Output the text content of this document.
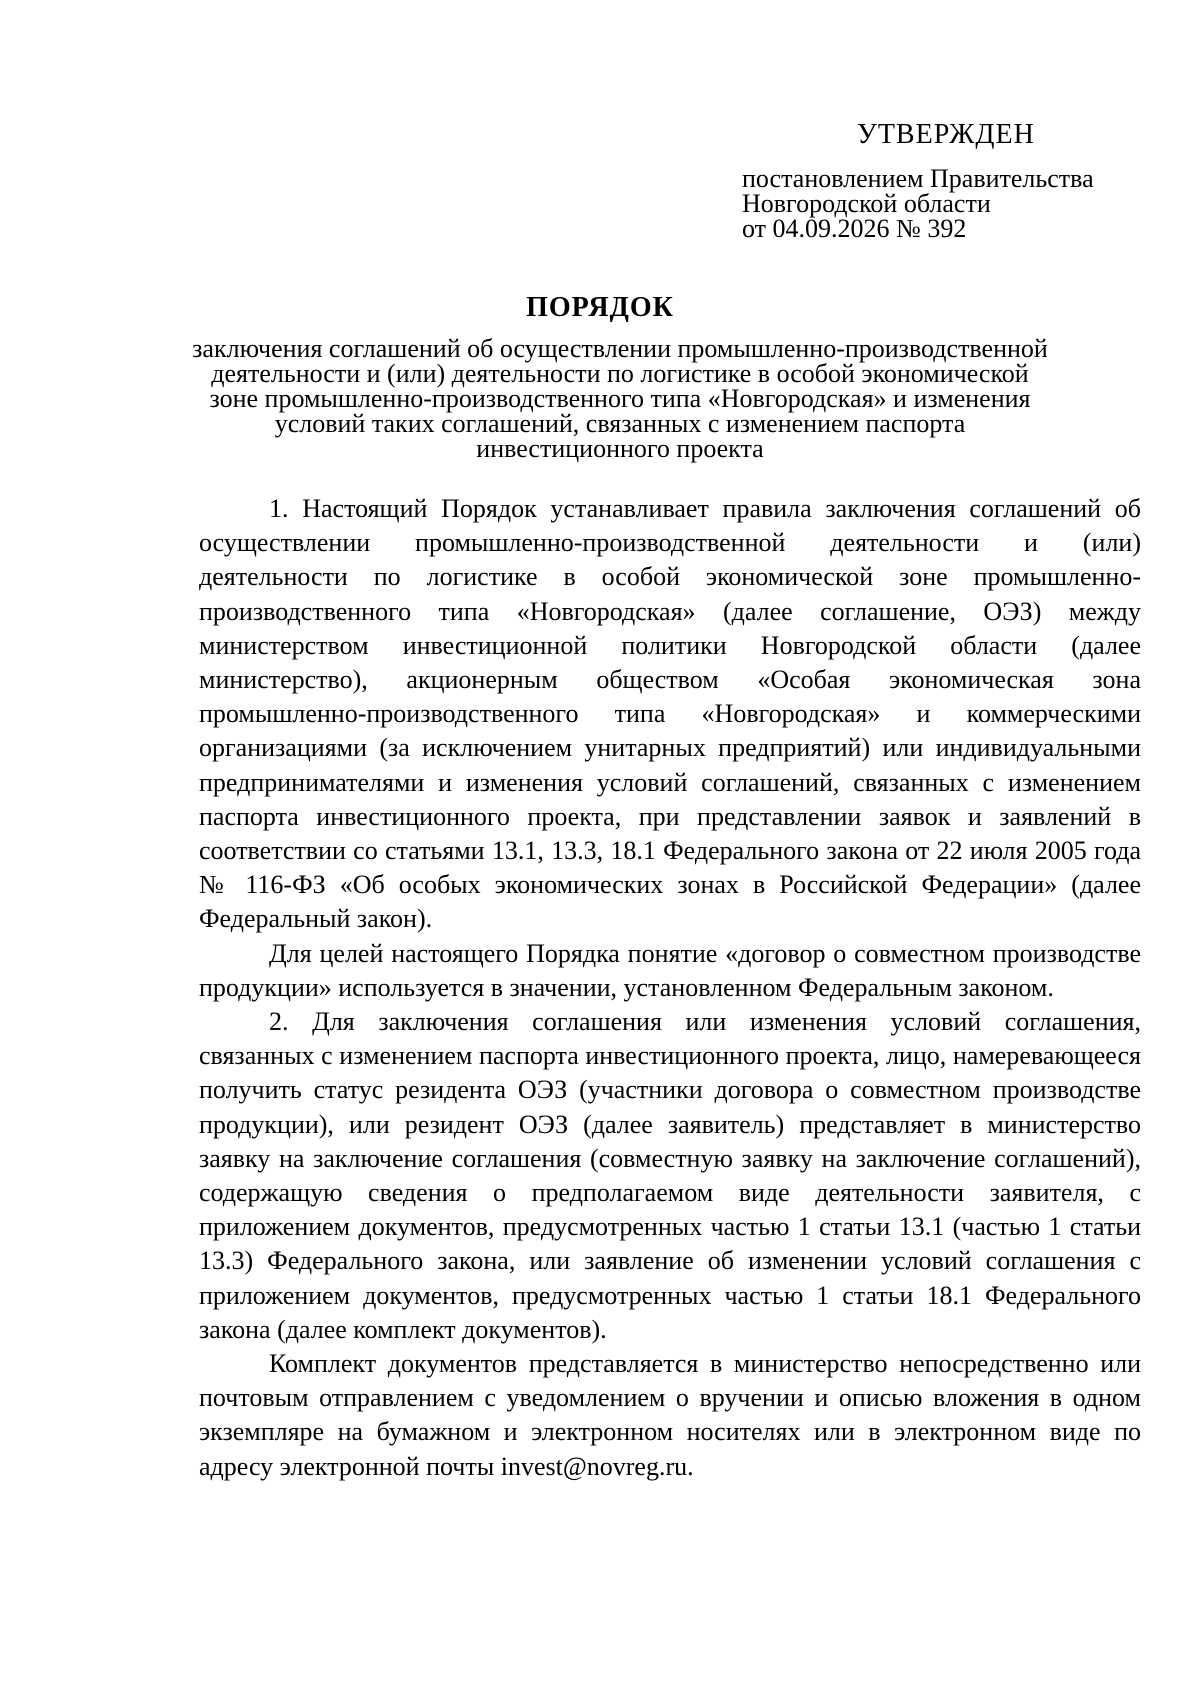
УТВЕРЖДЕН
постановлением Правительства
Новгородской области
от 04.09.2026 № 392
ПОРЯДОК
заключения соглашений об осуществлении промышленно-производственной
деятельности и (или) деятельности по логистике в особой экономической
зоне промышленно-производственного типа «Новгородская» и изменения
условий таких соглашений, связанных с изменением паспорта
инвестиционного проекта

1. Настоящий Порядок устанавливает правила заключения соглашений об осуществлении промышленно-производственной деятельности и (или) деятельности по логистике в особой экономической зоне промышленно-производственного типа «Новгородская» (далее соглашение, ОЭЗ) между министерством инвестиционной политики Новгородской области (далее министерство), акционерным обществом «Особая экономическая зона промышленно-производственного типа «Новгородская» и коммерческими организациями (за исключением унитарных предприятий) или индивидуальными предпринимателями и изменения условий соглашений, связанных с изменением паспорта инвестиционного проекта, при представлении заявок и заявлений в соответствии со статьями 13.1, 13.3, 18.1 Федерального закона от 22 июля 2005 года № 116-ФЗ «Об особых экономических зонах в Российской Федерации» (далее Федеральный закон).

Для целей настоящего Порядка понятие «договор о совместном производстве продукции» используется в значении, установленном Федеральным законом.

2. Для заключения соглашения или изменения условий соглашения, связанных с изменением паспорта инвестиционного проекта, лицо, намеревающееся получить статус резидента ОЭЗ (участники договора о совместном производстве продукции), или резидент ОЭЗ (далее заявитель) представляет в министерство заявку на заключение соглашения (совместную заявку на заключение соглашений), содержащую сведения о предполагаемом виде деятельности заявителя, с приложением документов, предусмотренных частью 1 статьи 13.1 (частью 1 статьи 13.3) Федерального закона, или заявление об изменении условий соглашения с приложением документов, предусмотренных частью 1 статьи 18.1 Федерального закона (далее комплект документов).

Комплект документов представляется в министерство непосредственно или почтовым отправлением с уведомлением о вручении и описью вложения в одном экземпляре на бумажном и электронном носителях или в электронном виде по адресу электронной почты invest@novreg.ru.
